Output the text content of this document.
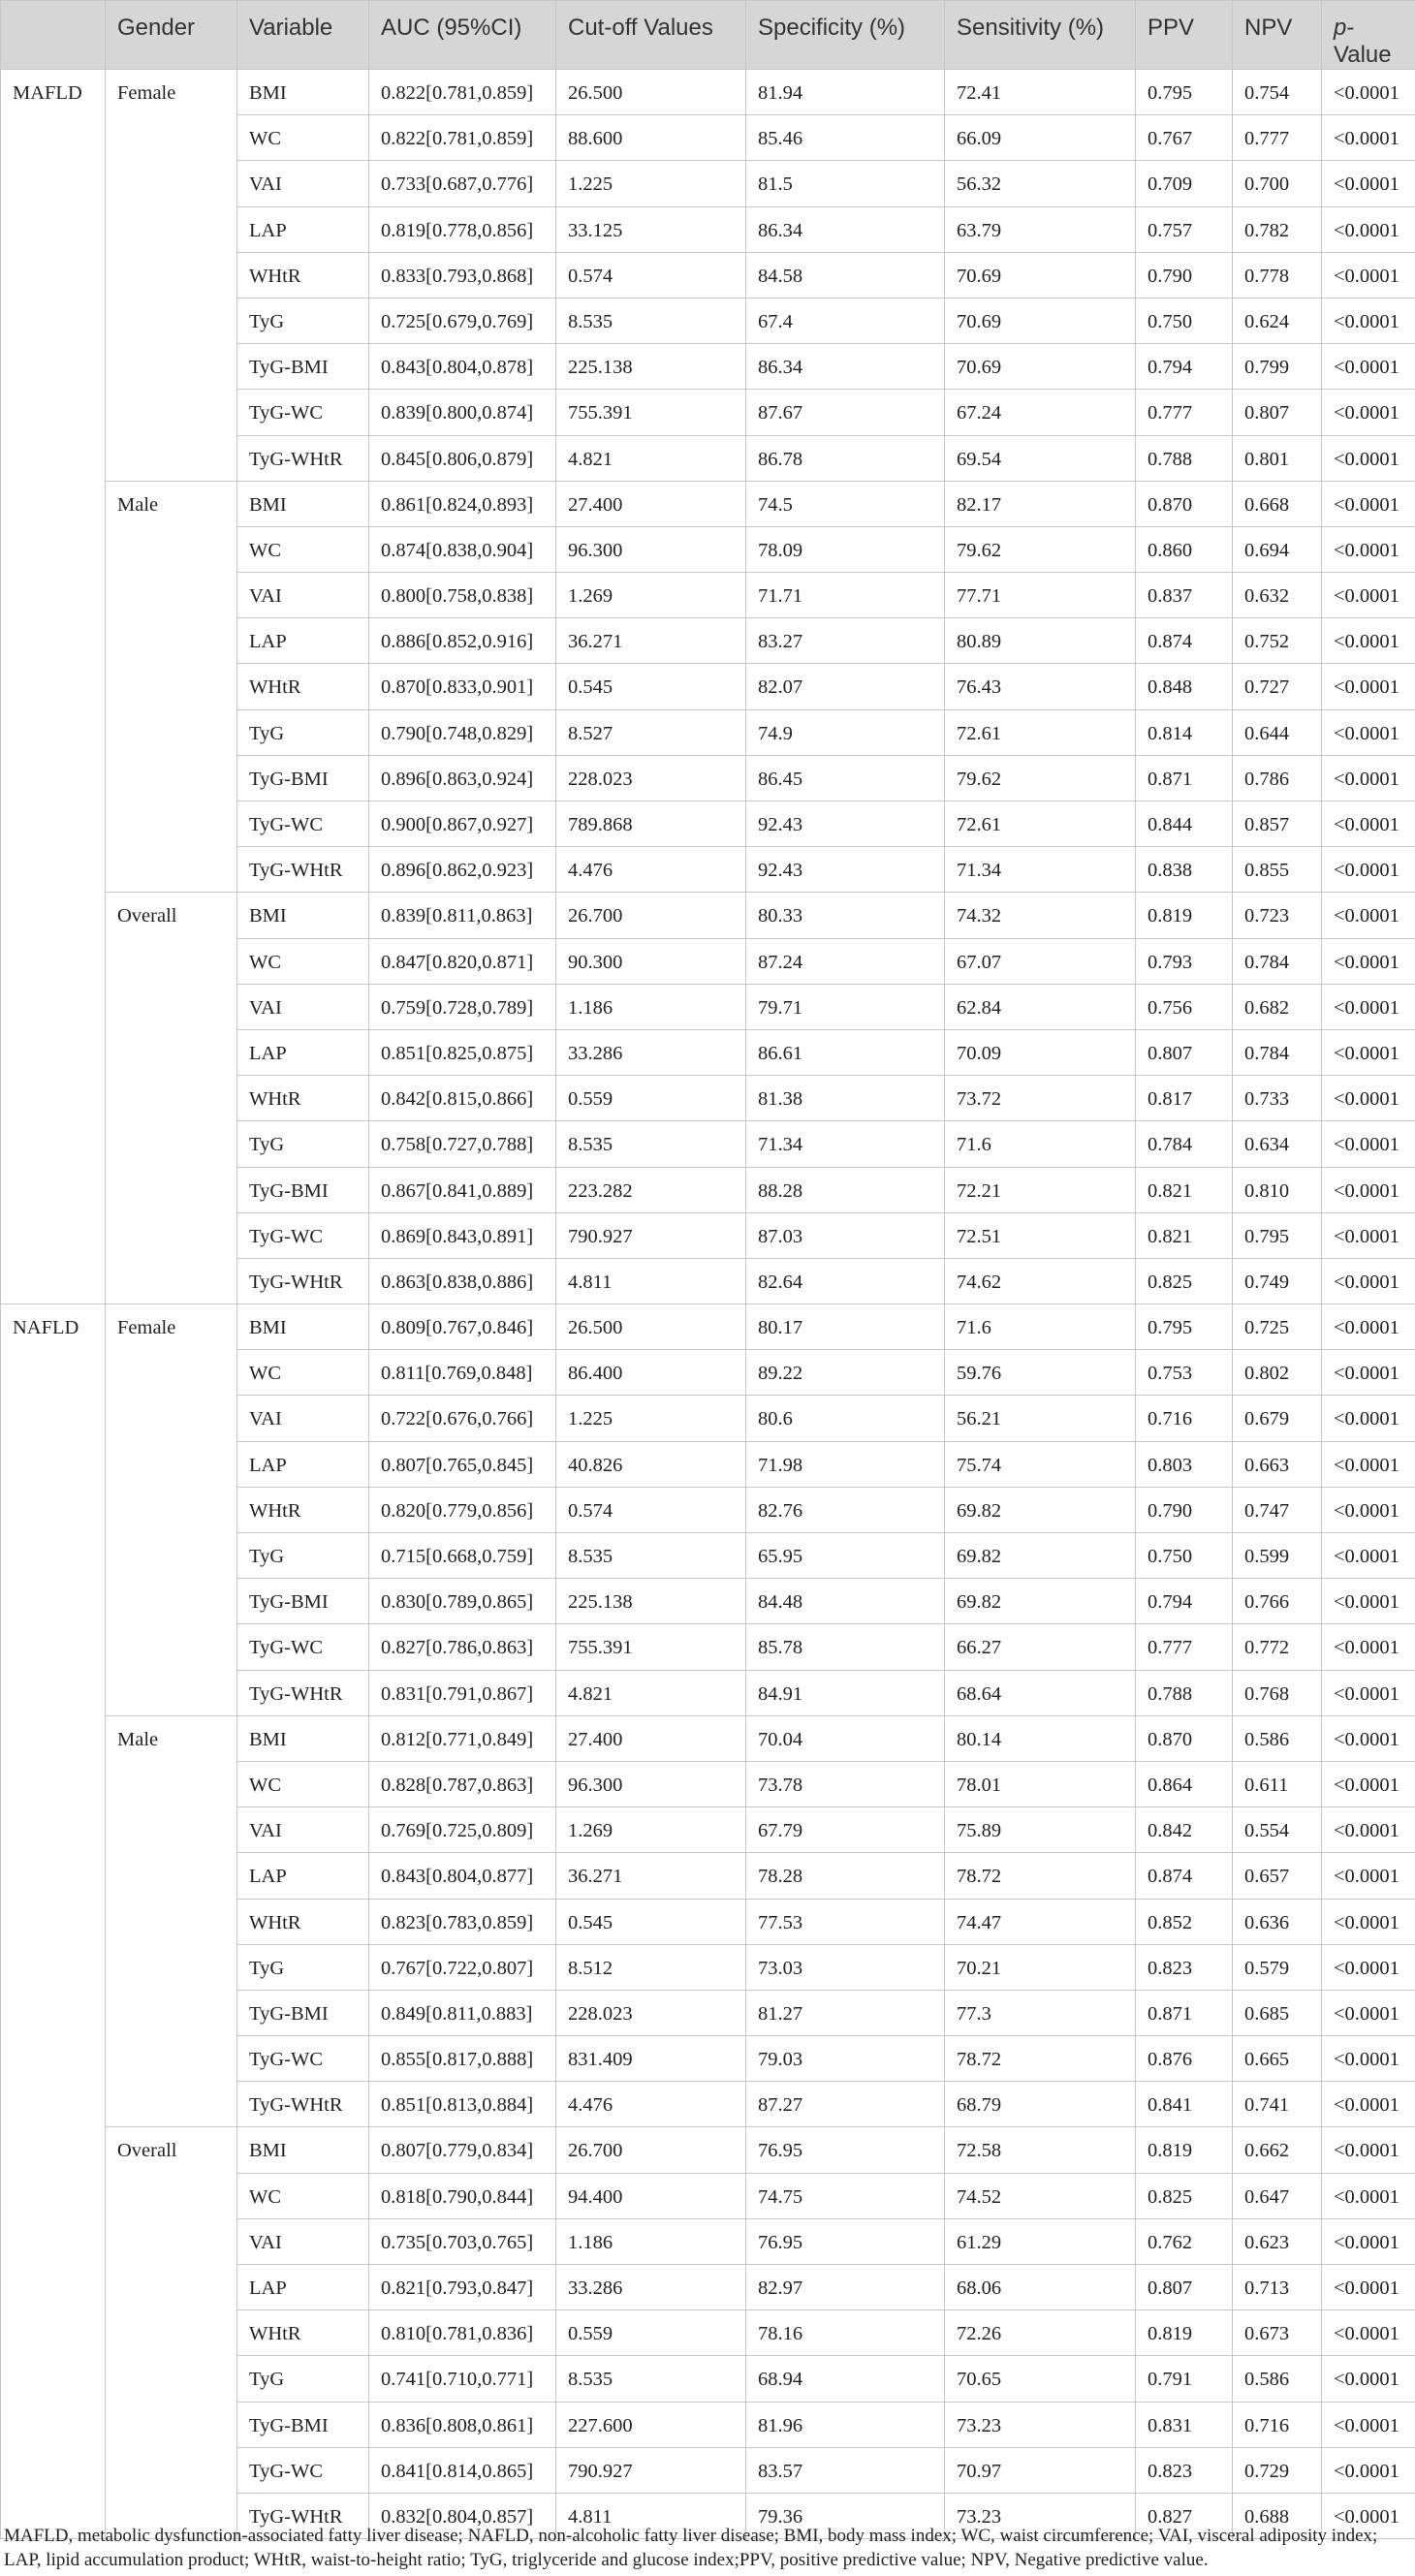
	Gender	Variable	AUC (95%CI)	Cut-off Values	Specificity (%)	Sensitivity (%)	PPV	NPV	p-Value
MAFLD	Female	BMI	0.822[0.781,0.859]	26.500	81.94	72.41	0.795	0.754	<0.0001
		WC	0.822[0.781,0.859]	88.600	85.46	66.09	0.767	0.777	<0.0001
		VAI	0.733[0.687,0.776]	1.225	81.5	56.32	0.709	0.700	<0.0001
		LAP	0.819[0.778,0.856]	33.125	86.34	63.79	0.757	0.782	<0.0001
		WHtR	0.833[0.793,0.868]	0.574	84.58	70.69	0.790	0.778	<0.0001
		TyG	0.725[0.679,0.769]	8.535	67.4	70.69	0.750	0.624	<0.0001
		TyG-BMI	0.843[0.804,0.878]	225.138	86.34	70.69	0.794	0.799	<0.0001
		TyG-WC	0.839[0.800,0.874]	755.391	87.67	67.24	0.777	0.807	<0.0001
		TyG-WHtR	0.845[0.806,0.879]	4.821	86.78	69.54	0.788	0.801	<0.0001
	Male	BMI	0.861[0.824,0.893]	27.400	74.5	82.17	0.870	0.668	<0.0001
		WC	0.874[0.838,0.904]	96.300	78.09	79.62	0.860	0.694	<0.0001
		VAI	0.800[0.758,0.838]	1.269	71.71	77.71	0.837	0.632	<0.0001
		LAP	0.886[0.852,0.916]	36.271	83.27	80.89	0.874	0.752	<0.0001
		WHtR	0.870[0.833,0.901]	0.545	82.07	76.43	0.848	0.727	<0.0001
		TyG	0.790[0.748,0.829]	8.527	74.9	72.61	0.814	0.644	<0.0001
		TyG-BMI	0.896[0.863,0.924]	228.023	86.45	79.62	0.871	0.786	<0.0001
		TyG-WC	0.900[0.867,0.927]	789.868	92.43	72.61	0.844	0.857	<0.0001
		TyG-WHtR	0.896[0.862,0.923]	4.476	92.43	71.34	0.838	0.855	<0.0001
	Overall	BMI	0.839[0.811,0.863]	26.700	80.33	74.32	0.819	0.723	<0.0001
		WC	0.847[0.820,0.871]	90.300	87.24	67.07	0.793	0.784	<0.0001
		VAI	0.759[0.728,0.789]	1.186	79.71	62.84	0.756	0.682	<0.0001
		LAP	0.851[0.825,0.875]	33.286	86.61	70.09	0.807	0.784	<0.0001
		WHtR	0.842[0.815,0.866]	0.559	81.38	73.72	0.817	0.733	<0.0001
		TyG	0.758[0.727,0.788]	8.535	71.34	71.6	0.784	0.634	<0.0001
		TyG-BMI	0.867[0.841,0.889]	223.282	88.28	72.21	0.821	0.810	<0.0001
		TyG-WC	0.869[0.843,0.891]	790.927	87.03	72.51	0.821	0.795	<0.0001
		TyG-WHtR	0.863[0.838,0.886]	4.811	82.64	74.62	0.825	0.749	<0.0001
NAFLD	Female	BMI	0.809[0.767,0.846]	26.500	80.17	71.6	0.795	0.725	<0.0001
		WC	0.811[0.769,0.848]	86.400	89.22	59.76	0.753	0.802	<0.0001
		VAI	0.722[0.676,0.766]	1.225	80.6	56.21	0.716	0.679	<0.0001
		LAP	0.807[0.765,0.845]	40.826	71.98	75.74	0.803	0.663	<0.0001
		WHtR	0.820[0.779,0.856]	0.574	82.76	69.82	0.790	0.747	<0.0001
		TyG	0.715[0.668,0.759]	8.535	65.95	69.82	0.750	0.599	<0.0001
		TyG-BMI	0.830[0.789,0.865]	225.138	84.48	69.82	0.794	0.766	<0.0001
		TyG-WC	0.827[0.786,0.863]	755.391	85.78	66.27	0.777	0.772	<0.0001
		TyG-WHtR	0.831[0.791,0.867]	4.821	84.91	68.64	0.788	0.768	<0.0001
	Male	BMI	0.812[0.771,0.849]	27.400	70.04	80.14	0.870	0.586	<0.0001
		WC	0.828[0.787,0.863]	96.300	73.78	78.01	0.864	0.611	<0.0001
		VAI	0.769[0.725,0.809]	1.269	67.79	75.89	0.842	0.554	<0.0001
		LAP	0.843[0.804,0.877]	36.271	78.28	78.72	0.874	0.657	<0.0001
		WHtR	0.823[0.783,0.859]	0.545	77.53	74.47	0.852	0.636	<0.0001
		TyG	0.767[0.722,0.807]	8.512	73.03	70.21	0.823	0.579	<0.0001
		TyG-BMI	0.849[0.811,0.883]	228.023	81.27	77.3	0.871	0.685	<0.0001
		TyG-WC	0.855[0.817,0.888]	831.409	79.03	78.72	0.876	0.665	<0.0001
		TyG-WHtR	0.851[0.813,0.884]	4.476	87.27	68.79	0.841	0.741	<0.0001
	Overall	BMI	0.807[0.779,0.834]	26.700	76.95	72.58	0.819	0.662	<0.0001
		WC	0.818[0.790,0.844]	94.400	74.75	74.52	0.825	0.647	<0.0001
		VAI	0.735[0.703,0.765]	1.186	76.95	61.29	0.762	0.623	<0.0001
		LAP	0.821[0.793,0.847]	33.286	82.97	68.06	0.807	0.713	<0.0001
		WHtR	0.810[0.781,0.836]	0.559	78.16	72.26	0.819	0.673	<0.0001
		TyG	0.741[0.710,0.771]	8.535	68.94	70.65	0.791	0.586	<0.0001
		TyG-BMI	0.836[0.808,0.861]	227.600	81.96	73.23	0.831	0.716	<0.0001
		TyG-WC	0.841[0.814,0.865]	790.927	83.57	70.97	0.823	0.729	<0.0001
		TyG-WHtR	0.832[0.804,0.857]	4.811	79.36	73.23	0.827	0.688	<0.0001
MAFLD, metabolic dysfunction-associated fatty liver disease; NAFLD, non-alcoholic fatty liver disease; BMI, body mass index; WC, waist circumference; VAI, visceral adiposity index; LAP, lipid accumulation product; WHtR, waist-to-height ratio; TyG, triglyceride and glucose index;PPV, positive predictive value; NPV, Negative predictive value.
